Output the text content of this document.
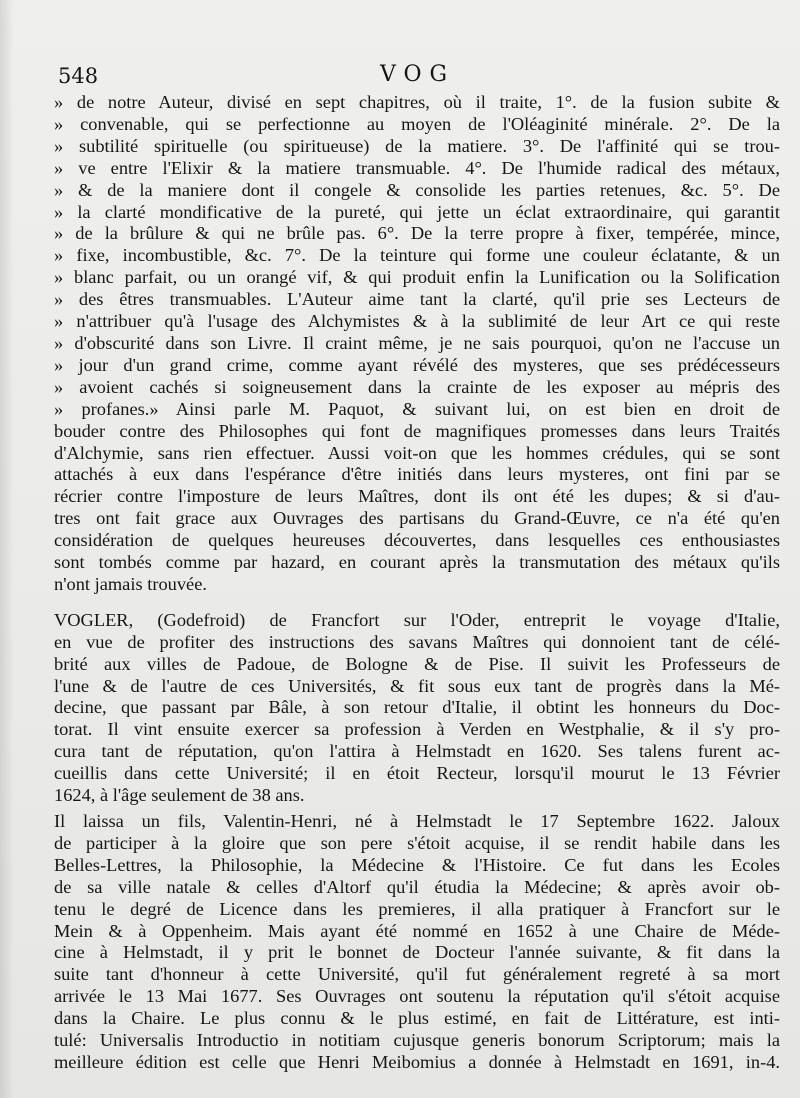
548	VOG
» de notre Auteur, divisé en sept chapitres, où il traite, 1°. de la fusion subite &
» convenable, qui se perfectionne au moyen de l'Oléaginité minérale. 2°. De la
» subtilité spirituelle (ou spiritueuse) de la matiere. 3°. De l'affinité qui se trou-
» ve entre l'Elixir & la matiere transmuable. 4°. De l'humide radical des métaux,
» & de la maniere dont il congele & consolide les parties retenues, &c. 5°. De
» la clarté mondificative de la pureté, qui jette un éclat extraordinaire, qui garantit
» de la brûlure & qui ne brûle pas. 6°. De la terre propre à fixer, tempérée, mince,
» fixe, incombustible, &c. 7°. De la teinture qui forme une couleur éclatante, & un
» blanc parfait, ou un orangé vif, & qui produit enfin la Lunification ou la Solification
» des êtres transmuables. L'Auteur aime tant la clarté, qu'il prie ses Lecteurs de
» n'attribuer qu'à l'usage des Alchymistes & à la sublimité de leur Art ce qui reste
» d'obscurité dans son Livre. Il craint même, je ne sais pourquoi, qu'on ne l'accuse un
» jour d'un grand crime, comme ayant révélé des mysteres, que ses prédécesseurs
» avoient cachés si soigneusement dans la crainte de les exposer au mépris des
» profanes.» Ainsi parle M. Paquot, & suivant lui, on est bien en droit de
bouder contre des Philosophes qui font de magnifiques promesses dans leurs Traités
d'Alchymie, sans rien effectuer. Aussi voit-on que les hommes crédules, qui se sont
attachés à eux dans l'espérance d'être initiés dans leurs mysteres, ont fini par se
récrier contre l'imposture de leurs Maîtres, dont ils ont été les dupes; & si d'au-
tres ont fait grace aux Ouvrages des partisans du Grand-Œuvre, ce n'a été qu'en
considération de quelques heureuses découvertes, dans lesquelles ces enthousiastes
sont tombés comme par hazard, en courant après la transmutation des métaux qu'ils
n'ont jamais trouvée.
VOGLER, (Godefroid) de Francfort sur l'Oder, entreprit le voyage d'Italie,
en vue de profiter des instructions des savans Maîtres qui donnoient tant de célé-
brité aux villes de Padoue, de Bologne & de Pise. Il suivit les Professeurs de
l'une & de l'autre de ces Universités, & fit sous eux tant de progrès dans la Mé-
decine, que passant par Bâle, à son retour d'Italie, il obtint les honneurs du Doc-
torat. Il vint ensuite exercer sa profession à Verden en Westphalie, & il s'y pro-
cura tant de réputation, qu'on l'attira à Helmstadt en 1620. Ses talens furent ac-
cueillis dans cette Université; il en étoit Recteur, lorsqu'il mourut le 13 Février
1624, à l'âge seulement de 38 ans.
Il laissa un fils, Valentin-Henri, né à Helmstadt le 17 Septembre 1622. Jaloux
de participer à la gloire que son pere s'étoit acquise, il se rendit habile dans les
Belles-Lettres, la Philosophie, la Médecine & l'Histoire. Ce fut dans les Ecoles
de sa ville natale & celles d'Altorf qu'il étudia la Médecine; & après avoir ob-
tenu le degré de Licence dans les premieres, il alla pratiquer à Francfort sur le
Mein & à Oppenheim. Mais ayant été nommé en 1652 à une Chaire de Méde-
cine à Helmstadt, il y prit le bonnet de Docteur l'année suivante, & fit dans la
suite tant d'honneur à cette Université, qu'il fut généralement regreté à sa mort
arrivée le 13 Mai 1677. Ses Ouvrages ont soutenu la réputation qu'il s'étoit acquise
dans la Chaire. Le plus connu & le plus estimé, en fait de Littérature, est inti-
tulé: Universalis Introductio in notitiam cujusque generis bonorum Scriptorum; mais la
meilleure édition est celle que Henri Meibomius a donnée à Helmstadt en 1691, in-4.
